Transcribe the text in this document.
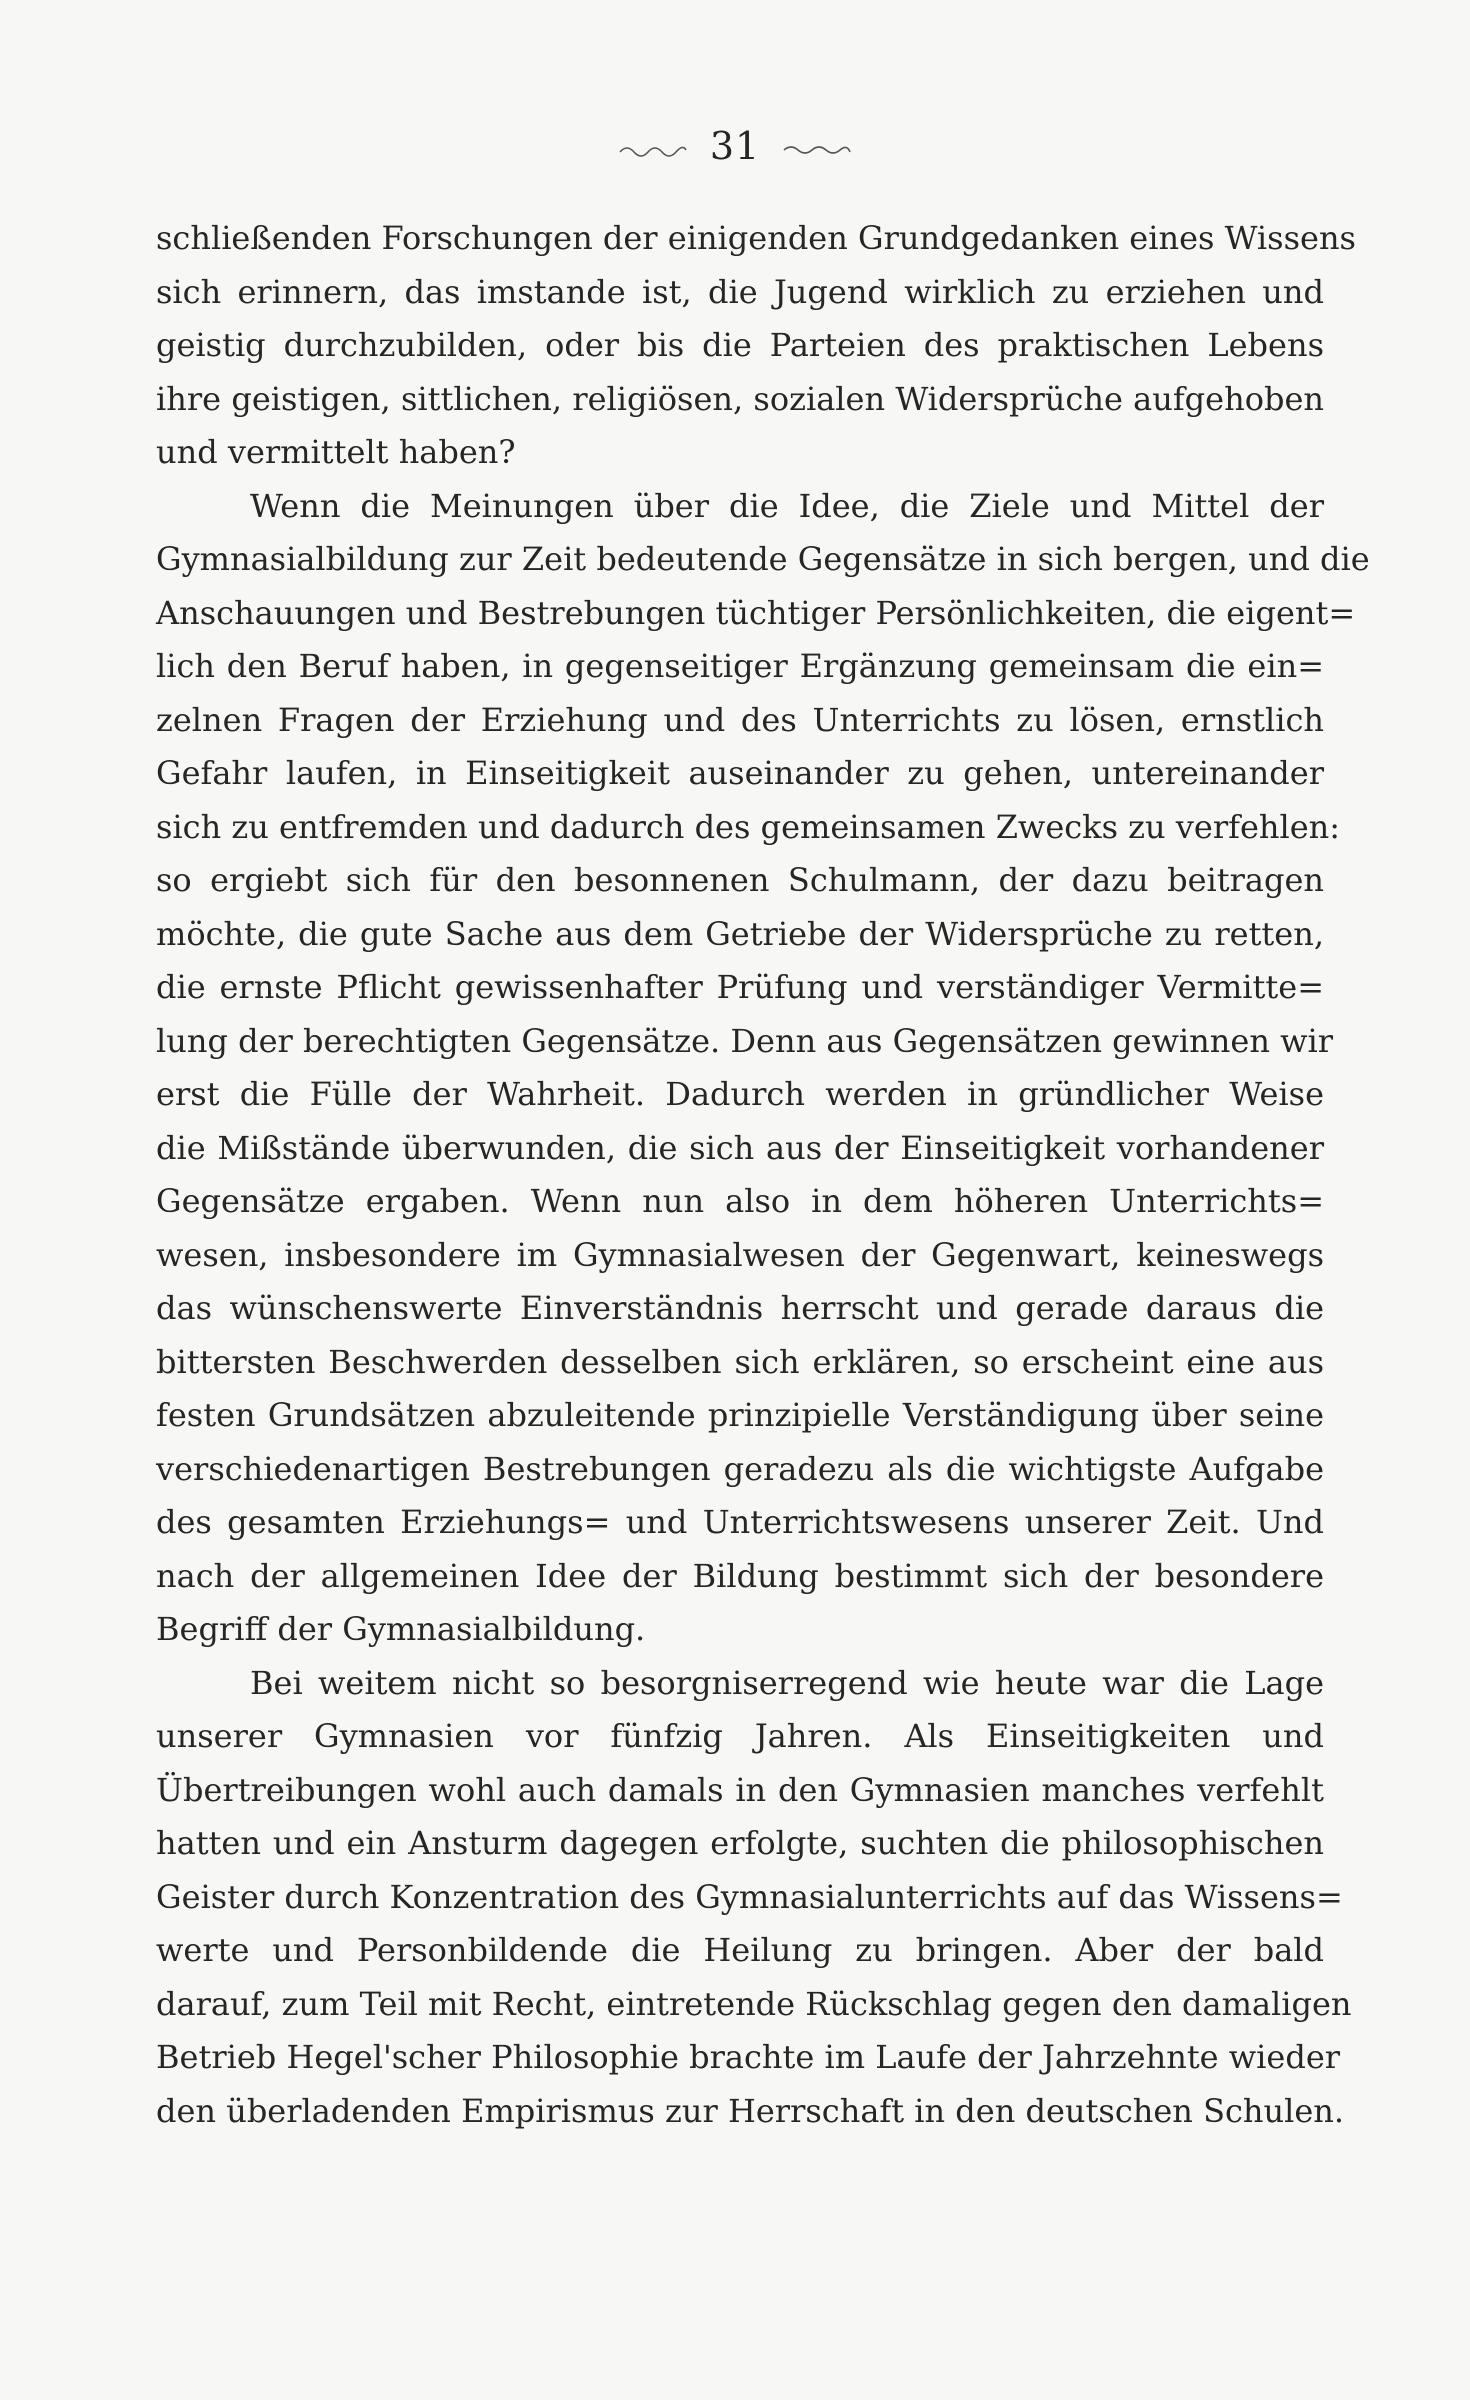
31
schließenden Forschungen der einigenden Grundgedanken eines Wissens
sich erinnern, das imstande ist, die Jugend wirklich zu erziehen und
geistig durchzubilden, oder bis die Parteien des praktischen Lebens
ihre geistigen, sittlichen, religiösen, sozialen Widersprüche aufgehoben
und vermittelt haben?
Wenn die Meinungen über die Idee, die Ziele und Mittel der
Gymnasialbildung zur Zeit bedeutende Gegensätze in sich bergen, und die
Anschauungen und Bestrebungen tüchtiger Persönlichkeiten, die eigent=
lich den Beruf haben, in gegenseitiger Ergänzung gemeinsam die ein=
zelnen Fragen der Erziehung und des Unterrichts zu lösen, ernstlich
Gefahr laufen, in Einseitigkeit auseinander zu gehen, untereinander
sich zu entfremden und dadurch des gemeinsamen Zwecks zu verfehlen:
so ergiebt sich für den besonnenen Schulmann, der dazu beitragen
möchte, die gute Sache aus dem Getriebe der Widersprüche zu retten,
die ernste Pflicht gewissenhafter Prüfung und verständiger Vermitte=
lung der berechtigten Gegensätze. Denn aus Gegensätzen gewinnen wir
erst die Fülle der Wahrheit. Dadurch werden in gründlicher Weise
die Mißstände überwunden, die sich aus der Einseitigkeit vorhandener
Gegensätze ergaben. Wenn nun also in dem höheren Unterrichts=
wesen, insbesondere im Gymnasialwesen der Gegenwart, keineswegs
das wünschenswerte Einverständnis herrscht und gerade daraus die
bittersten Beschwerden desselben sich erklären, so erscheint eine aus
festen Grundsätzen abzuleitende prinzipielle Verständigung über seine
verschiedenartigen Bestrebungen geradezu als die wichtigste Aufgabe
des gesamten Erziehungs= und Unterrichtswesens unserer Zeit. Und
nach der allgemeinen Idee der Bildung bestimmt sich der besondere
Begriff der Gymnasialbildung.
Bei weitem nicht so besorgniserregend wie heute war die Lage
unserer Gymnasien vor fünfzig Jahren. Als Einseitigkeiten und
Übertreibungen wohl auch damals in den Gymnasien manches verfehlt
hatten und ein Ansturm dagegen erfolgte, suchten die philosophischen
Geister durch Konzentration des Gymnasialunterrichts auf das Wissens=
werte und Personbildende die Heilung zu bringen. Aber der bald
darauf, zum Teil mit Recht, eintretende Rückschlag gegen den damaligen
Betrieb Hegel'scher Philosophie brachte im Laufe der Jahrzehnte wieder
den überladenden Empirismus zur Herrschaft in den deutschen Schulen.
